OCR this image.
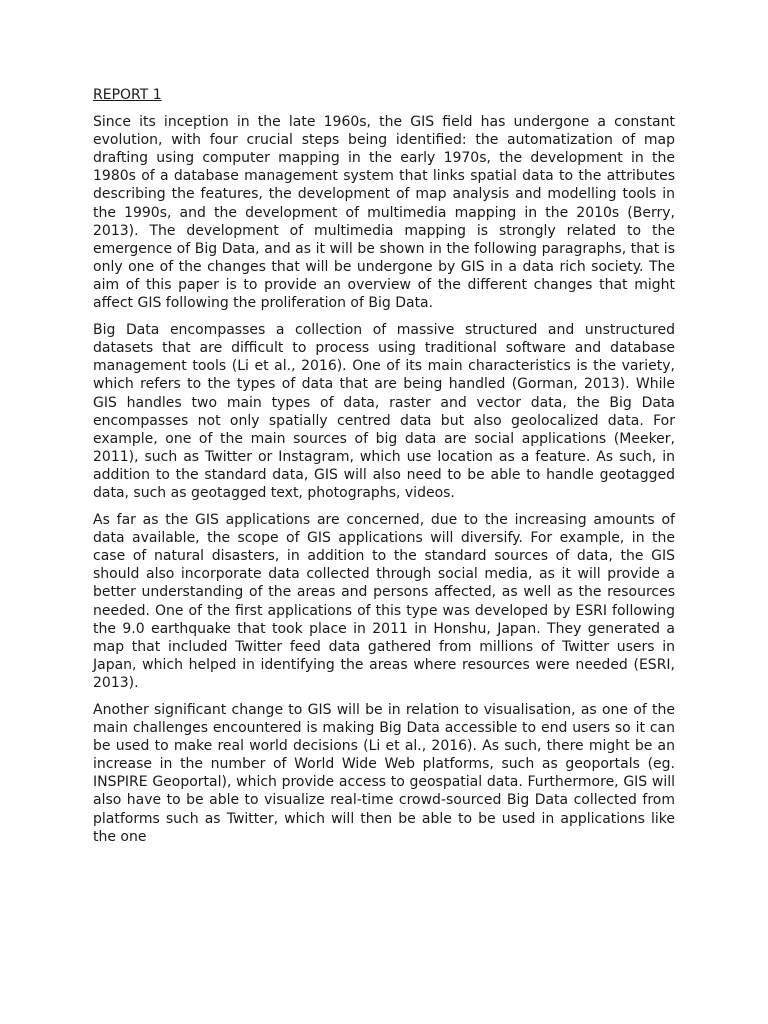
REPORT 1

Since its inception in the late 1960s, the GIS field has undergone a constant evolution, with four crucial steps being identified: the automatization of map drafting using computer mapping in the early 1970s, the development in the 1980s of a database management system that links spatial data to the attributes describing the features, the development of map analysis and modelling tools in the 1990s, and the development of multimedia mapping in the 2010s (Berry, 2013). The development of multimedia mapping is strongly related to the emergence of Big Data, and as it will be shown in the following paragraphs, that is only one of the changes that will be undergone by GIS in a data rich society. The aim of this paper is to provide an overview of the different changes that might affect GIS following the proliferation of Big Data.

Big Data encompasses a collection of massive structured and unstructured datasets that are difficult to process using traditional software and database management tools (Li et al., 2016). One of its main characteristics is the variety, which refers to the types of data that are being handled (Gorman, 2013). While GIS handles two main types of data, raster and vector data, the Big Data encompasses not only spatially centred data but also geolocalized data. For example, one of the main sources of big data are social applications (Meeker, 2011), such as Twitter or Instagram, which use location as a feature. As such, in addition to the standard data, GIS will also need to be able to handle geotagged data, such as geotagged text, photographs, videos.

As far as the GIS applications are concerned, due to the increasing amounts of data available, the scope of GIS applications will diversify. For example, in the case of natural disasters, in addition to the standard sources of data, the GIS should also incorporate data collected through social media, as it will provide a better understanding of the areas and persons affected, as well as the resources needed. One of the first applications of this type was developed by ESRI following the 9.0 earthquake that took place in 2011 in Honshu, Japan. They generated a map that included Twitter feed data gathered from millions of Twitter users in Japan, which helped in identifying the areas where resources were needed (ESRI, 2013).

Another significant change to GIS will be in relation to visualisation, as one of the main challenges encountered is making Big Data accessible to end users so it can be used to make real world decisions (Li et al., 2016). As such, there might be an increase in the number of World Wide Web platforms, such as geoportals (eg. INSPIRE Geoportal), which provide access to geospatial data. Furthermore, GIS will also have to be able to visualize real-time crowd-sourced Big Data collected from platforms such as Twitter, which will then be able to be used in applications like the one
